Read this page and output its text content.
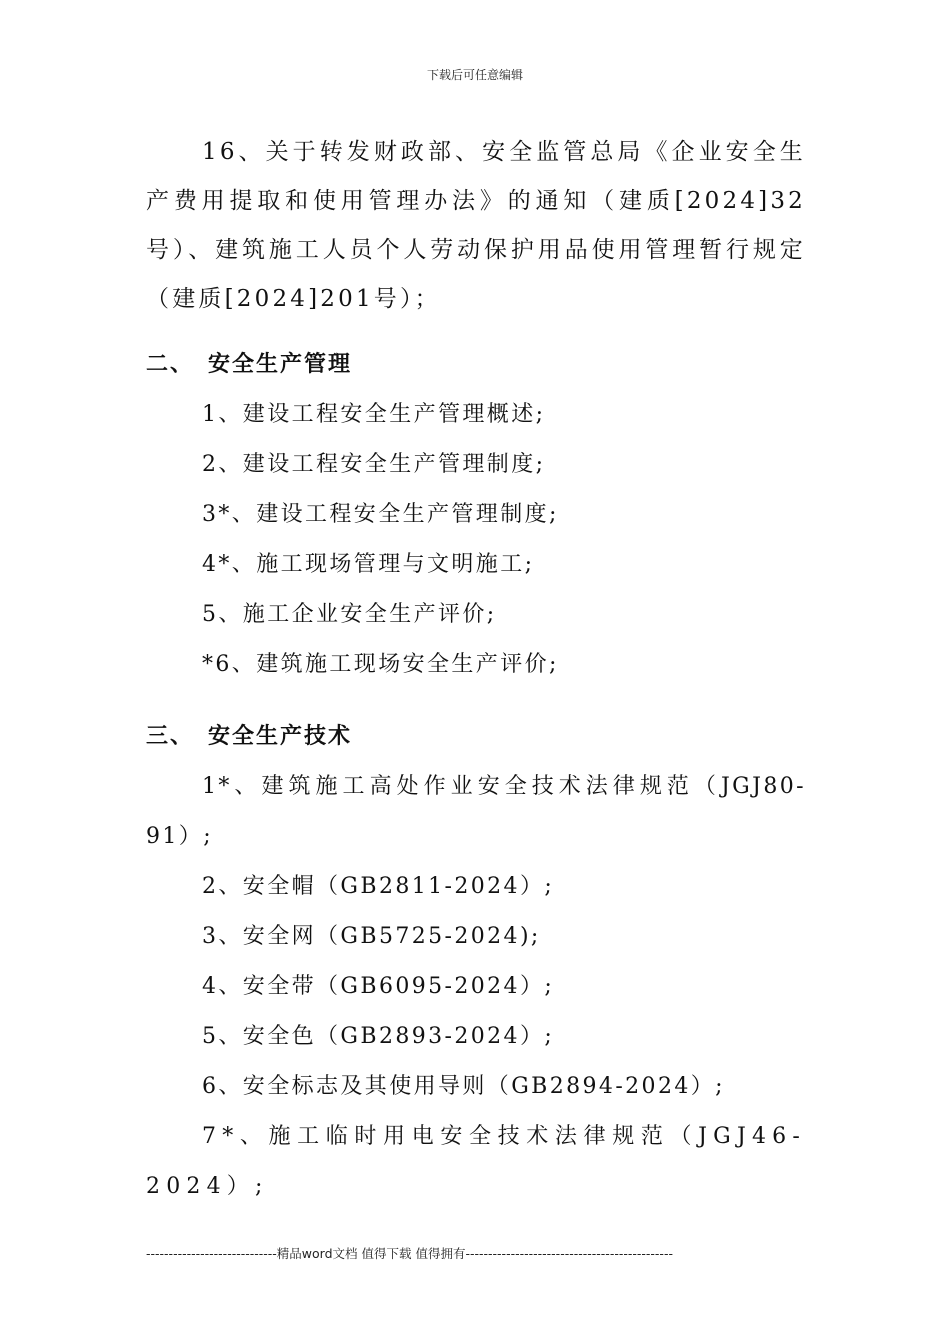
下载后可任意编辑

16、关于转发财政部、安全监管总局《企业安全生产费用提取和使用管理办法》的通知（建质[2024]32号）、建筑施工人员个人劳动保护用品使用管理暂行规定（建质[2024]201号）；

二、 安全生产管理

1、建设工程安全生产管理概述;

2、建设工程安全生产管理制度;

3*、建设工程安全生产管理制度;

4*、施工现场管理与文明施工;

5、施工企业安全生产评价;

*6、建筑施工现场安全生产评价;

三、 安全生产技术

1*、建筑施工高处作业安全技术法律规范（JGJ80-91）;

2、安全帽（GB2811-2024）;

3、安全网（GB5725-2024);

4、安全带（GB6095-2024）;

5、安全色（GB2893-2024）;

6、安全标志及其使用导则（GB2894-2024）;

7*、施工临时用电安全技术法律规范（JGJ46-2024）;

-----------------------------精品word文档 值得下载 值得拥有----------------------------------------------
